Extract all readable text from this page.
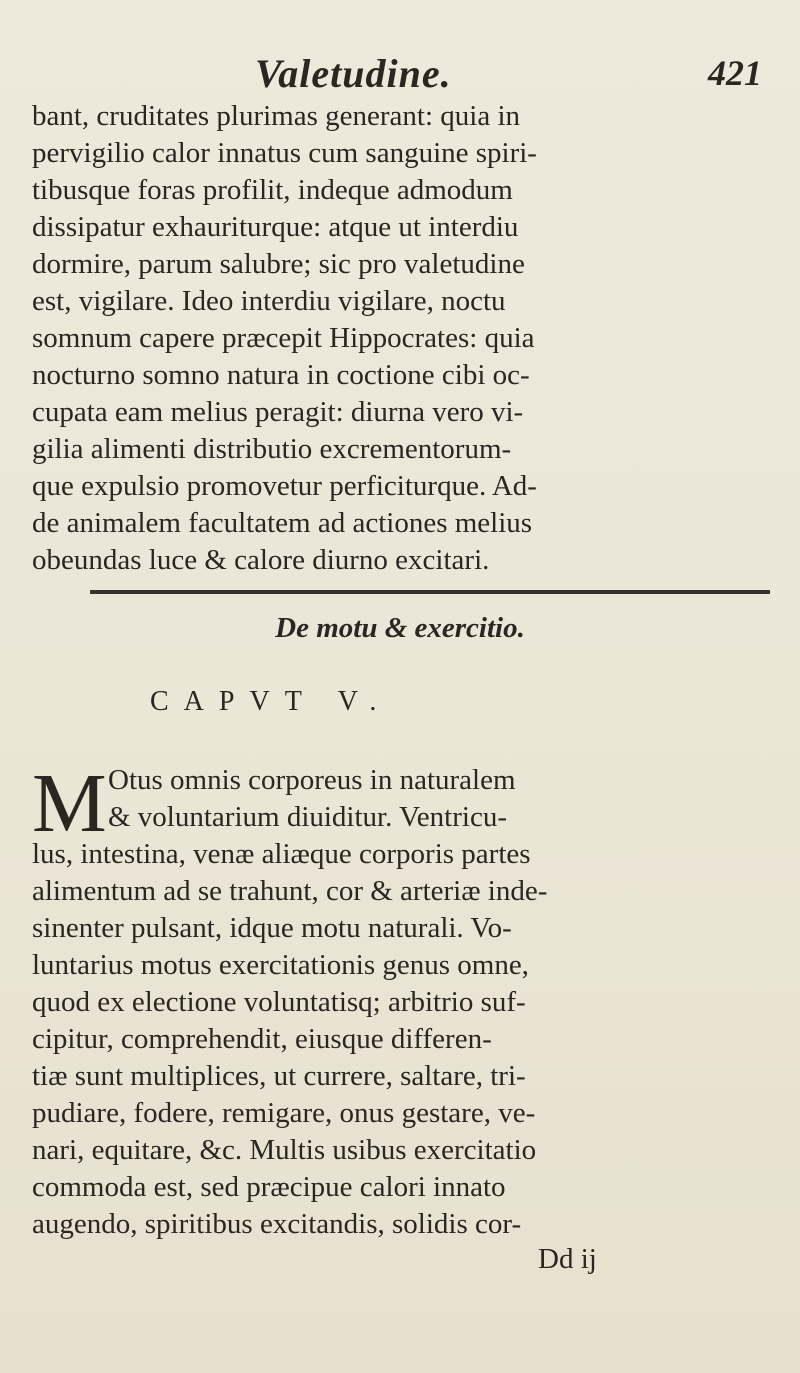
Valetudine.	421
bant, cruditates plurimas generant: quia in
pervigilio calor innatus cum sanguine spiri-
tibusque foras profilit, indeque admodum
dissipatur exhauriturque: atque ut interdiu
dormire, parum salubre; sic pro valetudine
est, vigilare. Ideo interdiu vigilare, noctu
somnum capere præcepit Hippocrates: quia
nocturno somno natura in coctione cibi oc-
cupata eam melius peragit: diurna vero vi-
gilia alimenti distributio excrementorum-
que expulsio promovetur perficiturque. Ad-
de animalem facultatem ad actiones melius
obeundas luce & calore diurno excitari.
De motu & exercitio.
CAPVT V.
M Otus omnis corporeus in naturalem
& voluntarium diuiditur. Ventricu-
lus, intestina, venæ aliæque corporis partes
alimentum ad se trahunt, cor & arteriæ inde-
sinenter pulsant, idque motu naturali. Vo-
luntarius motus exercitationis genus omne,
quod ex electione voluntatisq; arbitrio suf-
cipitur, comprehendit, eiusque differen-
tiæ sunt multiplices, ut currere, saltare, tri-
pudiare, fodere, remigare, onus gestare, ve-
nari, equitare, &c. Multis usibus exercitatio
commoda est, sed præcipue calori innato
augendo, spiritibus excitandis, solidis cor-
Dd ij
